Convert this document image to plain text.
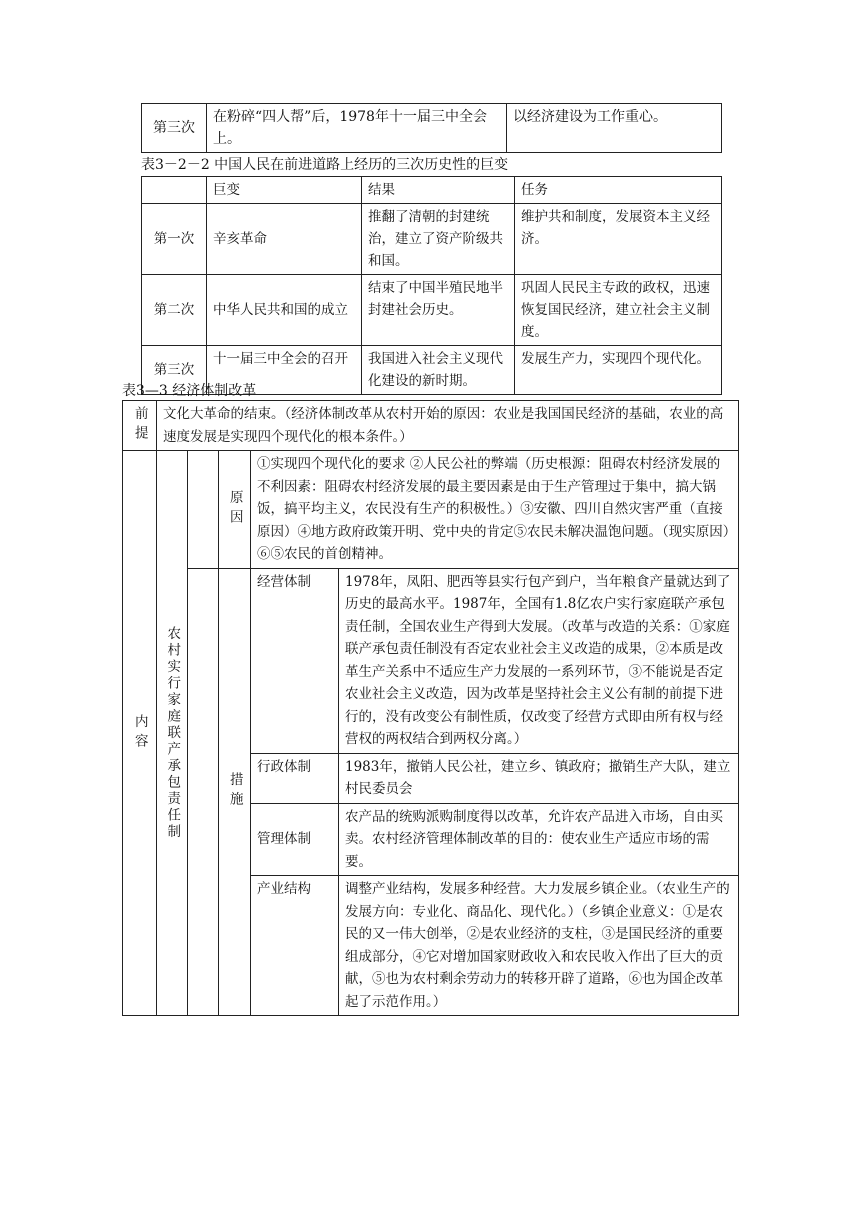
第三次	在粉碎“四人帮”后，1978年十一届三中全会上。	以经济建设为工作重心。
表3－2－2 中国人民在前进道路上经历的三次历史性的巨变
	巨变	结果	任务
第一次	辛亥革命	推翻了清朝的封建统治，建立了资产阶级共和国。	维护共和制度，发展资本主义经济。
第二次	中华人民共和国的成立	结束了中国半殖民地半封建社会历史。	巩固人民民主专政的政权，迅速恢复国民经济，建立社会主义制度。
第三次	十一届三中全会的召开	我国进入社会主义现代化建设的新时期。	发展生产力，实现四个现代化。
表3—3 经济体制改革
前提	文化大革命的结束。（经济体制改革从农村开始的原因：农业是我国国民经济的基础，农业的高速度发展是实现四个现代化的根本条件。）				

内容	农村实行家庭联产承包责任制		原因	①实现四个现代化的要求 ②人民公社的弊端（历史根源：阻碍农村经济发展的不利因素：阻碍农村经济发展的最主要因素是由于生产管理过于集中，搞大锅饭，搞平均主义，农民没有生产的积极性。）③安徽、四川自然灾害严重（直接原因）④地方政府政策开明、党中央的肯定⑤农民未解决温饱问题。（现实原因）⑥⑤农民的首创精神。	

			措施	经营体制	1978年，凤阳、肥西等县实行包产到户，当年粮食产量就达到了历史的最高水平。1987年，全国有1.8亿农户实行家庭联产承包责任制，全国农业生产得到大发展。（改革与改造的关系：①家庭联产承包责任制没有否定农业社会主义改造的成果，②本质是改革生产关系中不适应生产力发展的一系列环节，③不能说是否定农业社会主义改造，因为改革是坚持社会主义公有制的前提下进行的，没有改变公有制性质，仅改变了经营方式即由所有权与经营权的两权结合到两权分离。）
				行政体制	1983年，撤销人民公社，建立乡、镇政府；撤销生产大队，建立村民委员会
				管理体制	农产品的统购派购制度得以改革，允许农产品进入市场，自由买卖。农村经济管理体制改革的目的：使农业生产适应市场的需要。
				产业结构	调整产业结构，发展多种经营。大力发展乡镇企业。（农业生产的发展方向：专业化、商品化、现代化。）（乡镇企业意义：①是农民的又一伟大创举，②是农业经济的支柱，③是国民经济的重要组成部分，④它对增加国家财政收入和农民收入作出了巨大的贡献，⑤也为农村剩余劳动力的转移开辟了道路，⑥也为国企改革起了示范作用。）
